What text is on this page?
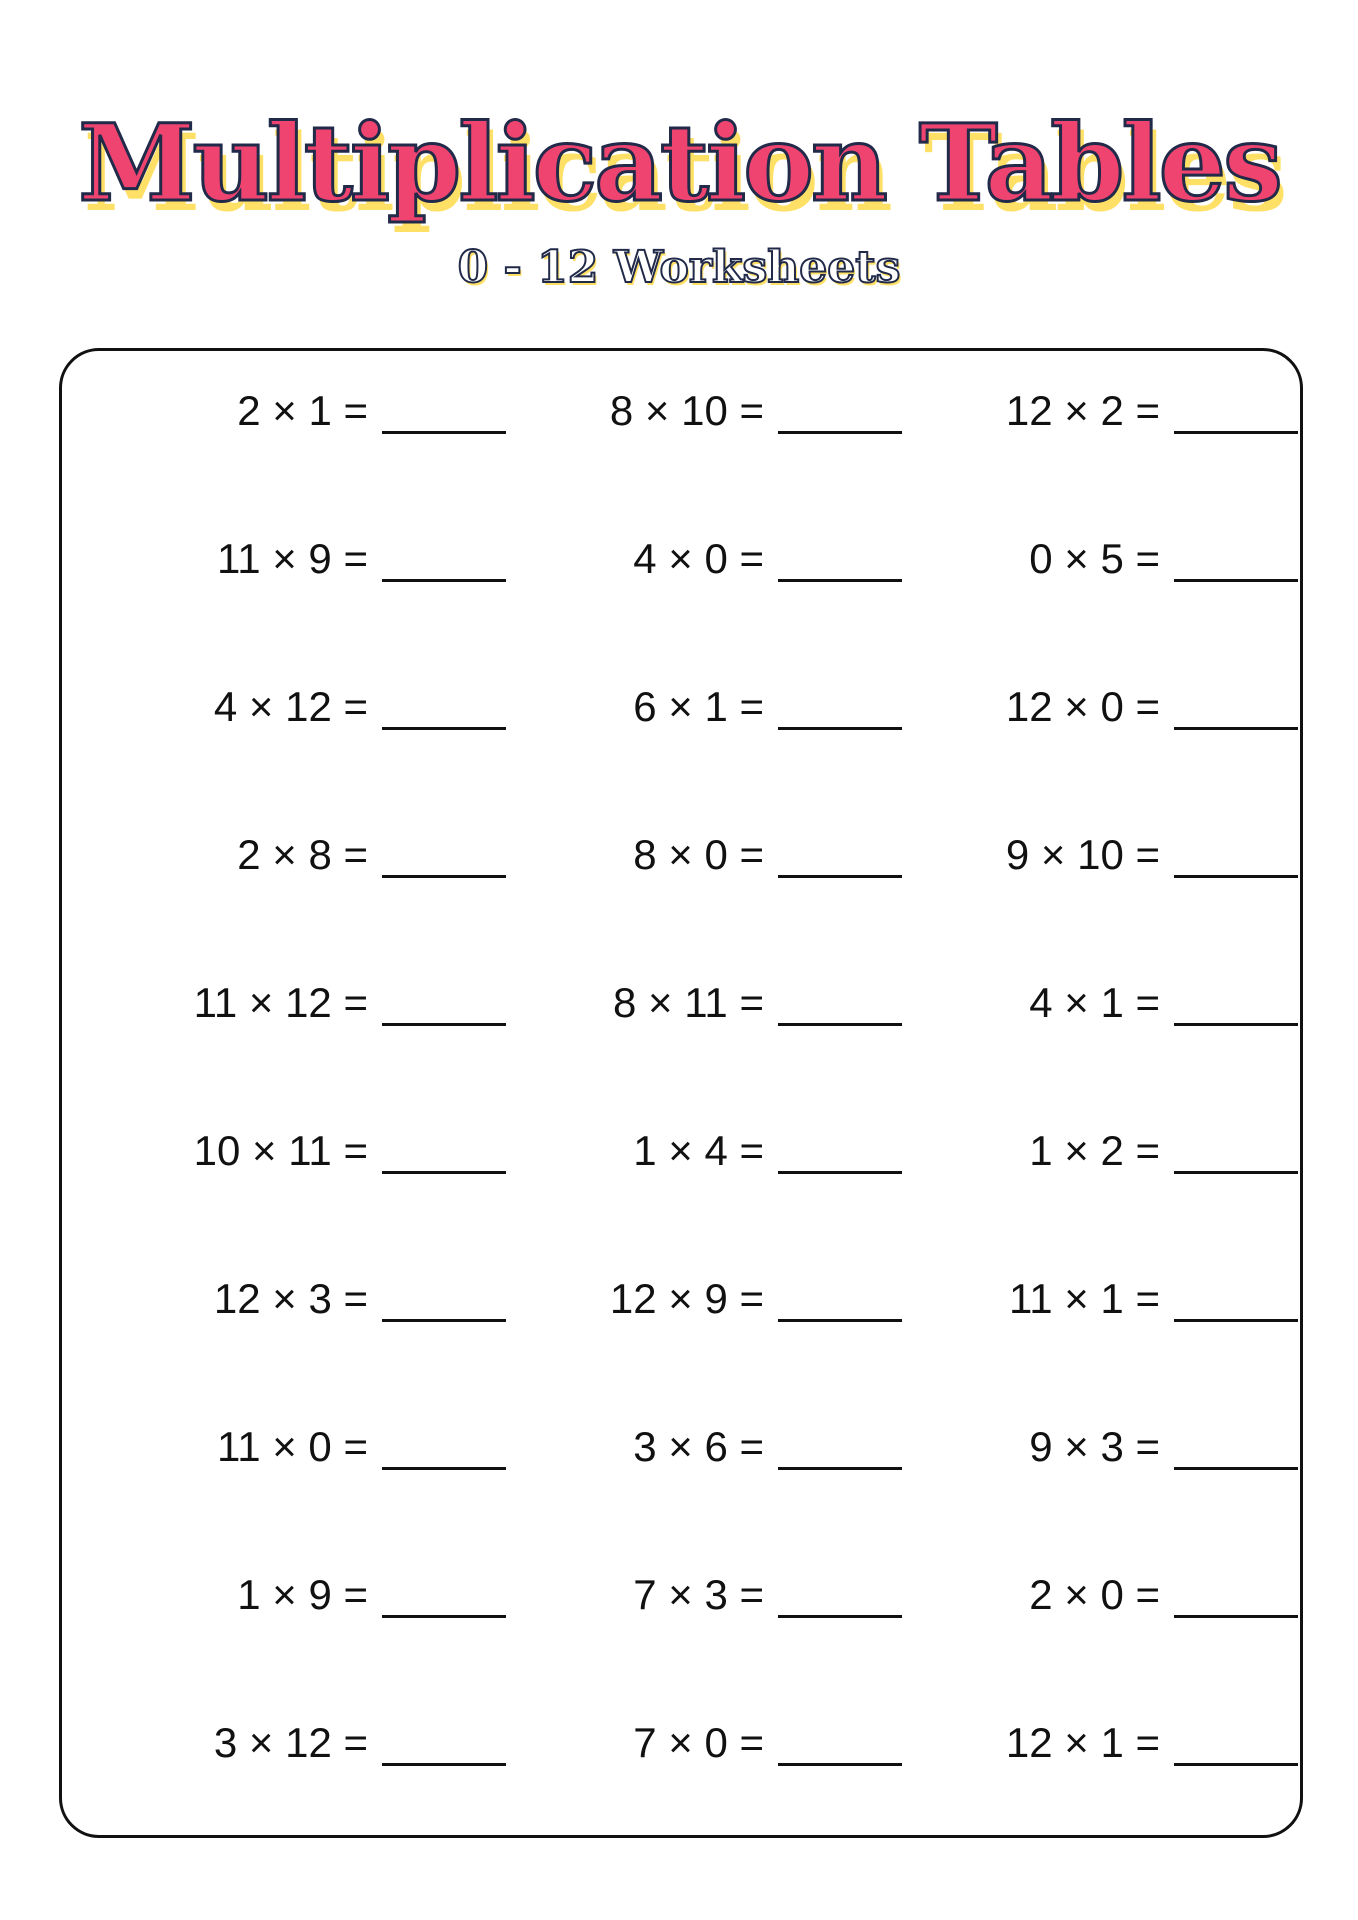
Multiplication Tables
0 - 12 Worksheets
2 × 1 =	8 × 10 =	12 × 2 =
11 × 9 =	4 × 0 =	0 × 5 =
4 × 12 =	6 × 1 =	12 × 0 =
2 × 8 =	8 × 0 =	9 × 10 =
11 × 12 =	8 × 11 =	4 × 1 =
10 × 11 =	1 × 4 =	1 × 2 =
12 × 3 =	12 × 9 =	11 × 1 =
11 × 0 =	3 × 6 =	9 × 3 =
1 × 9 =	7 × 3 =	2 × 0 =
3 × 12 =	7 × 0 =	12 × 1 =
